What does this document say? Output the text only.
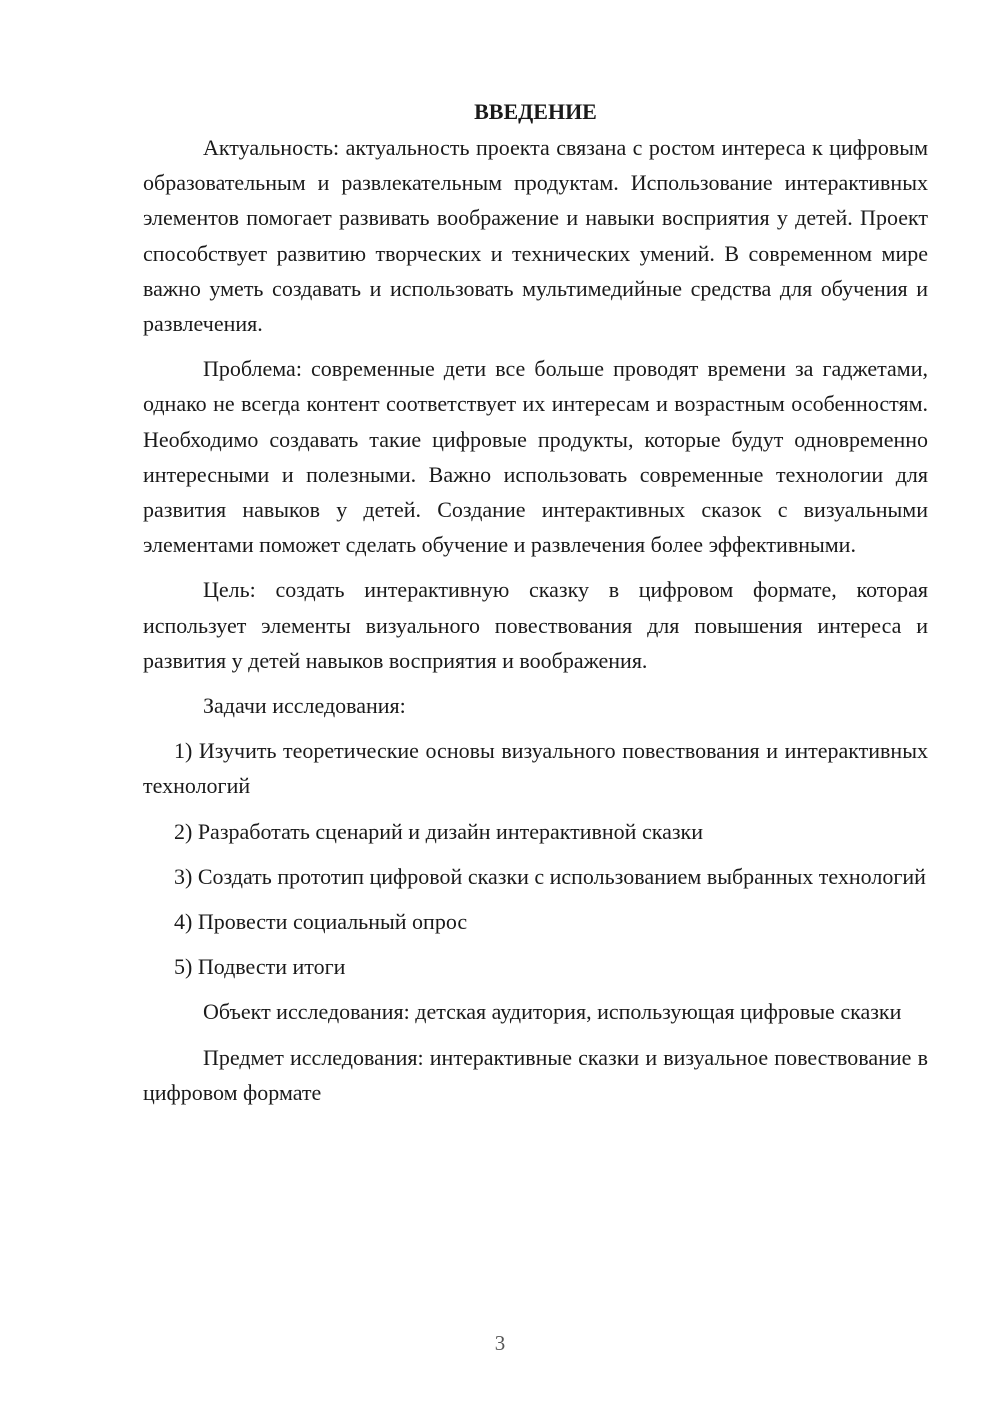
ВВЕДЕНИЕ

Актуальность: актуальность проекта связана с ростом интереса к цифровым образовательным и развлекательным продуктам. Использование интерактивных элементов помогает развивать воображение и навыки восприятия у детей. Проект способствует развитию творческих и технических умений. В современном мире важно уметь создавать и использовать мультимедийные средства для обучения и развлечения.

Проблема: современные дети все больше проводят времени за гаджетами, однако не всегда контент соответствует их интересам и возрастным особенностям. Необходимо создавать такие цифровые продукты, которые будут одновременно интересными и полезными. Важно использовать современные технологии для развития навыков у детей. Создание интерактивных сказок с визуальными элементами поможет сделать обучение и развлечения более эффективными.

Цель: создать интерактивную сказку в цифровом формате, которая использует элементы визуального повествования для повышения интереса и развития у детей навыков восприятия и воображения.

Задачи исследования:

1) Изучить теоретические основы визуального повествования и интерактивных технологий

2) Разработать сценарий и дизайн интерактивной сказки

3) Создать прототип цифровой сказки с использованием выбранных технологий

4) Провести социальный опрос

5) Подвести итоги

Объект исследования: детская аудитория, использующая цифровые сказки

Предмет исследования: интерактивные сказки и визуальное повествование в цифровом формате

3
